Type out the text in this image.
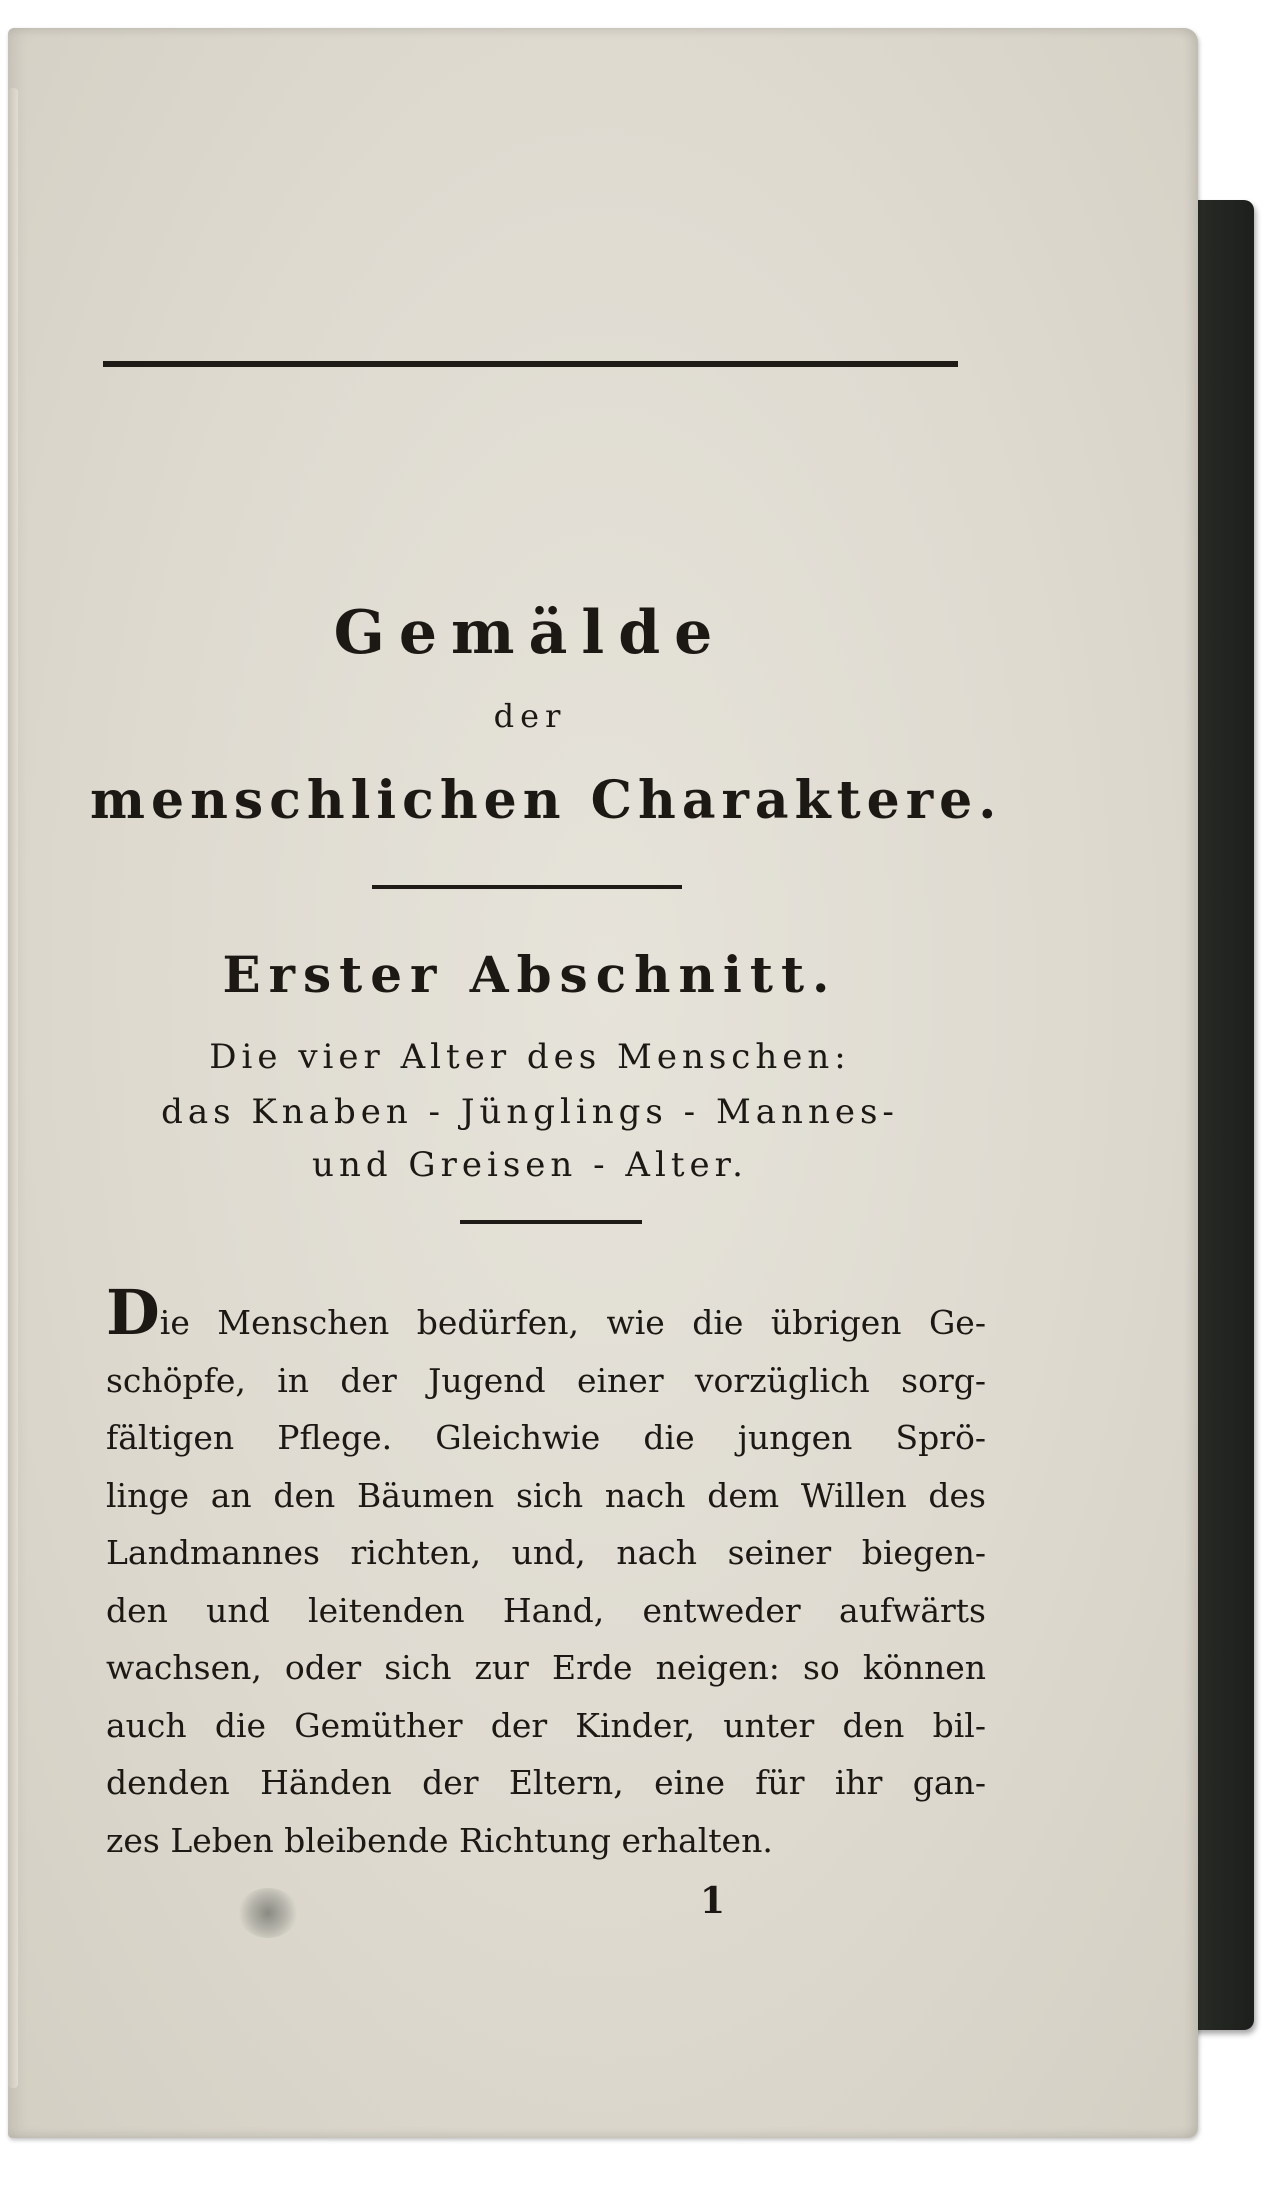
Gemälde

der

menschlichen Charaktere.

Erster Abschnitt.

Die vier Alter des Menschen:

das Knaben - Jünglings - Mannes-

und Greisen - Alter.

Die Menschen bedürfen, wie die übrigen Ge-
schöpfe, in der Jugend einer vorzüglich sorg-
fältigen Pflege. Gleichwie die jungen Sprö-
linge an den Bäumen sich nach dem Willen des
Landmannes richten, und, nach seiner biegen-
den und leitenden Hand, entweder aufwärts
wachsen, oder sich zur Erde neigen: so können
auch die Gemüther der Kinder, unter den bil-
denden Händen der Eltern, eine für ihr gan-
zes Leben bleibende Richtung erhalten.
1
